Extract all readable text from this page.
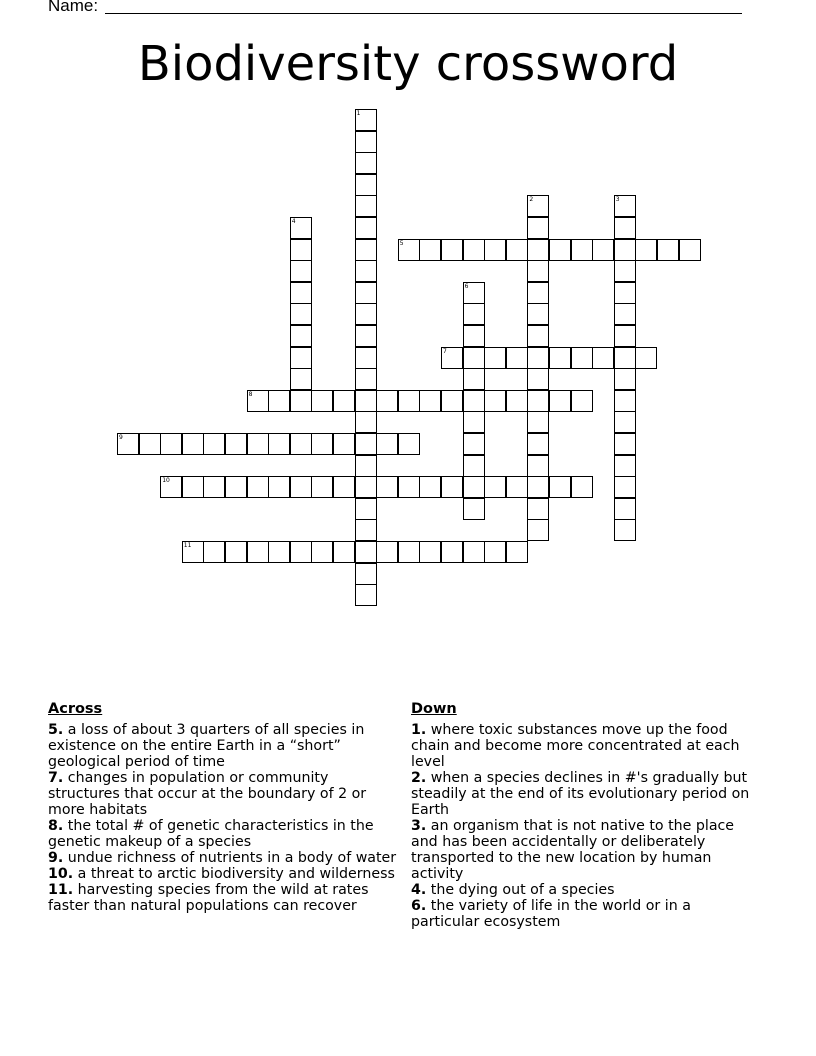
Name:
Biodiversity crossword
1
2	3
4
5
6
7
8
9
10
11
Across

5. a loss of about 3 quarters of all species in existence on the entire Earth in a “short” geological period of time

7. changes in population or community structures that occur at the boundary of 2 or more habitats

8. the total # of genetic characteristics in the genetic makeup of a species

9. undue richness of nutrients in a body of water

10. a threat to arctic biodiversity and wilderness

11. harvesting species from the wild at rates faster than natural populations can recover

Down

1. where toxic substances move up the food chain and become more concentrated at each level

2. when a species declines in #'s gradually but steadily at the end of its evolutionary period on Earth

3. an organism that is not native to the place and has been accidentally or deliberately transported to the new location by human activity

4. the dying out of a species

6. the variety of life in the world or in a particular ecosystem
